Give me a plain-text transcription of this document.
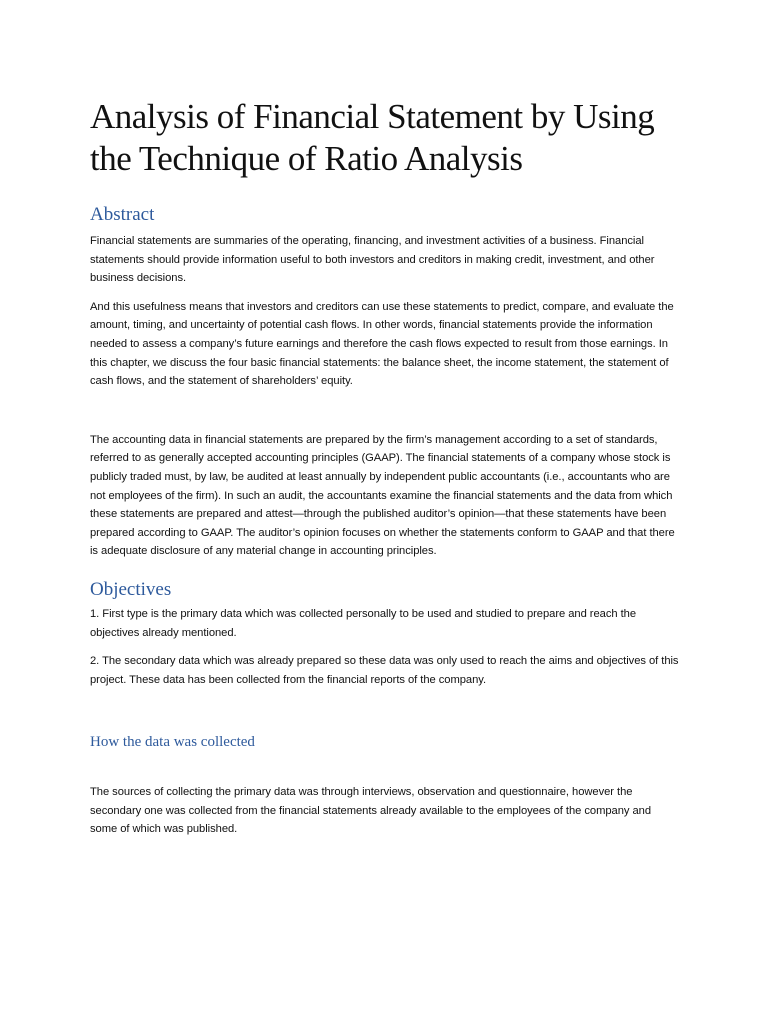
Analysis of Financial Statement by Using the Technique of Ratio Analysis
Abstract

Financial statements are summaries of the operating, financing, and investment activities of a business. Financial statements should provide information useful to both investors and creditors in making credit, investment, and other business decisions.

And this usefulness means that investors and creditors can use these statements to predict, compare, and evaluate the amount, timing, and uncertainty of potential cash flows. In other words, financial statements provide the information needed to assess a company’s future earnings and therefore the cash flows expected to result from those earnings. In this chapter, we discuss the four basic financial statements: the balance sheet, the income statement, the statement of cash flows, and the statement of shareholders’ equity.

The accounting data in financial statements are prepared by the firm’s management according to a set of standards, referred to as generally accepted accounting principles (GAAP). The financial statements of a company whose stock is publicly traded must, by law, be audited at least annually by independent public accountants (i.e., accountants who are not employees of the firm). In such an audit, the accountants examine the financial statements and the data from which these statements are prepared and attest—through the published auditor’s opinion—that these statements have been prepared according to GAAP. The auditor’s opinion focuses on whether the statements conform to GAAP and that there is adequate disclosure of any material change in accounting principles.

Objectives

1. First type is the primary data which was collected personally to be used and studied to prepare and reach the objectives already mentioned.

2. The secondary data which was already prepared so these data was only used to reach the aims and objectives of this project. These data has been collected from the financial reports of the company.

How the data was collected

The sources of collecting the primary data was through interviews, observation and questionnaire, however the secondary one was collected from the financial statements already available to the employees of the company and some of which was published.
